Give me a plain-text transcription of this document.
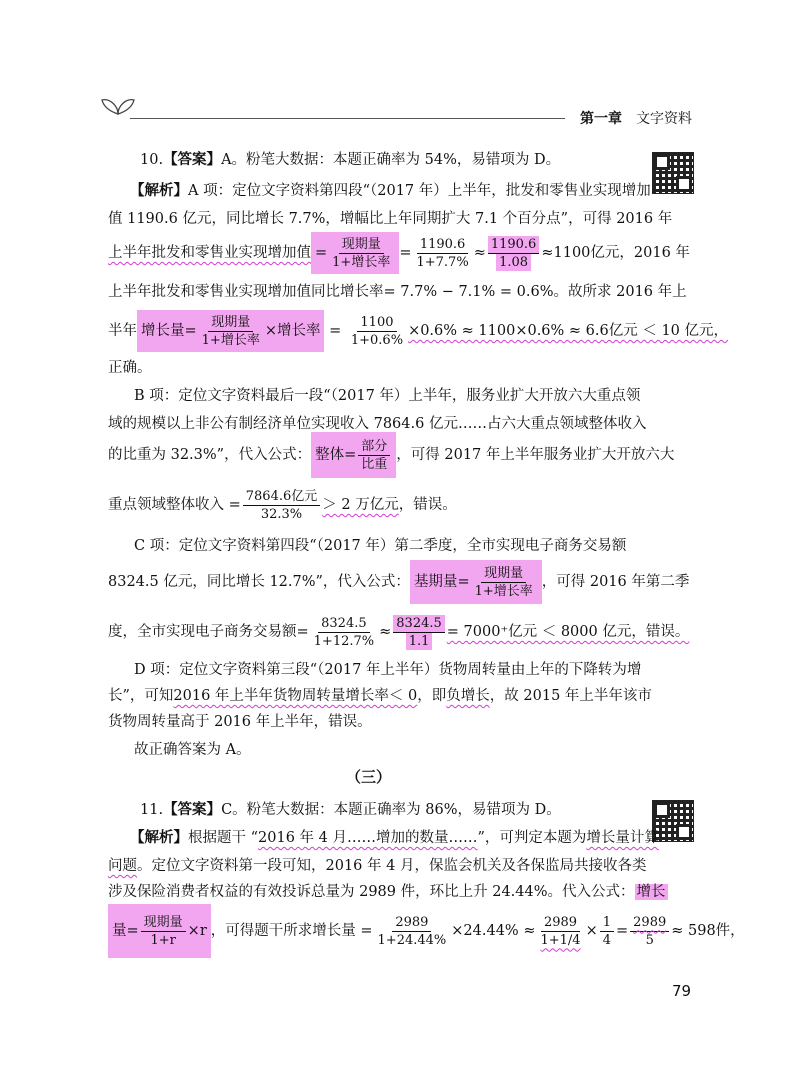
第一章 文字资料
10.【答案】A。粉笔大数据：本题正确率为 54%，易错项为 D。
【解析】A 项：定位文字资料第四段“（2017 年）上半年，批发和零售业实现增加
值 1190.6 亿元，同比增长 7.7%，增幅比上年同期扩大 7.1 个百分点”，可得 2016 年
上半年批发和零售业实现增加值 = $\frac{\text{现期量}}{\text{1+增长率}} = \frac{1190.6}{1+7.7\%} \approx \frac{1190.6}{1.08} \approx 1100$亿元，2016 年
上半年批发和零售业实现增加值同比增长率= 7.7% − 7.1% = 0.6%。故所求 2016 年上
半年 增长量 = $\frac{\text{现期量}}{\text{1+增长率}}$ ×增长率 = $\frac{1100}{1+0.6\%} \times 0.6\% \approx 1100\times 0.6\% \approx 6.6$亿元 ＜ 10 亿元，
正确。
B 项：定位文字资料最后一段“（2017 年）上半年，服务业扩大开放六大重点领
域的规模以上非公有制经济单位实现收入 7864.6 亿元……占六大重点领域整体收入
的比重为 32.3%”，代入公式： 整体 = $\frac{\text{部分}}{\text{比重}}$ ，可得 2017 年上半年服务业扩大开放六大
重点领域整体收入 = $\frac{\text{7864.6亿元}}{32.3\%} > 2$ 万亿元，错误。
C 项：定位文字资料第四段“（2017 年）第二季度，全市实现电子商务交易额
8324.5 亿元，同比增长 12.7%”，代入公式： 基期量 = $\frac{\text{现期量}}{\text{1+增长率}}$ ，可得 2016 年第二季
度，全市实现电子商务交易额= $\frac{8324.5}{1+12.7\%} \approx \frac{8324.5}{1.1} = 7000^+$亿元 ＜ 8000 亿元，错误。
D 项：定位文字资料第三段“（2017 年上半年）货物周转量由上年的下降转为增
长”，可知2016 年上半年货物周转量增长率＜ 0，即负增长，故 2015 年上半年该市
货物周转量高于 2016 年上半年，错误。
故正确答案为 A。
（三）
11.【答案】C。粉笔大数据：本题正确率为 86%，易错项为 D。
【解析】根据题干 “2016 年 4 月……增加的数量……”，可判定本题为增长量计算
问题。定位文字资料第一段可知，2016 年 4 月，保监会机关及各保监局共接收各类
涉及保险消费者权益的有效投诉总量为 2989 件，环比上升 24.44%。代入公式： 增长
量 = $\frac{\text{现期量}}{1+r} \times r$ ，可得题干所求增长量 = $\frac{2989}{1+24.44\%} \times 24.44\% \approx \frac{2989}{1+1/4} \times \frac{1}{4} = \frac{2989}{5} \approx 598$件，
79
